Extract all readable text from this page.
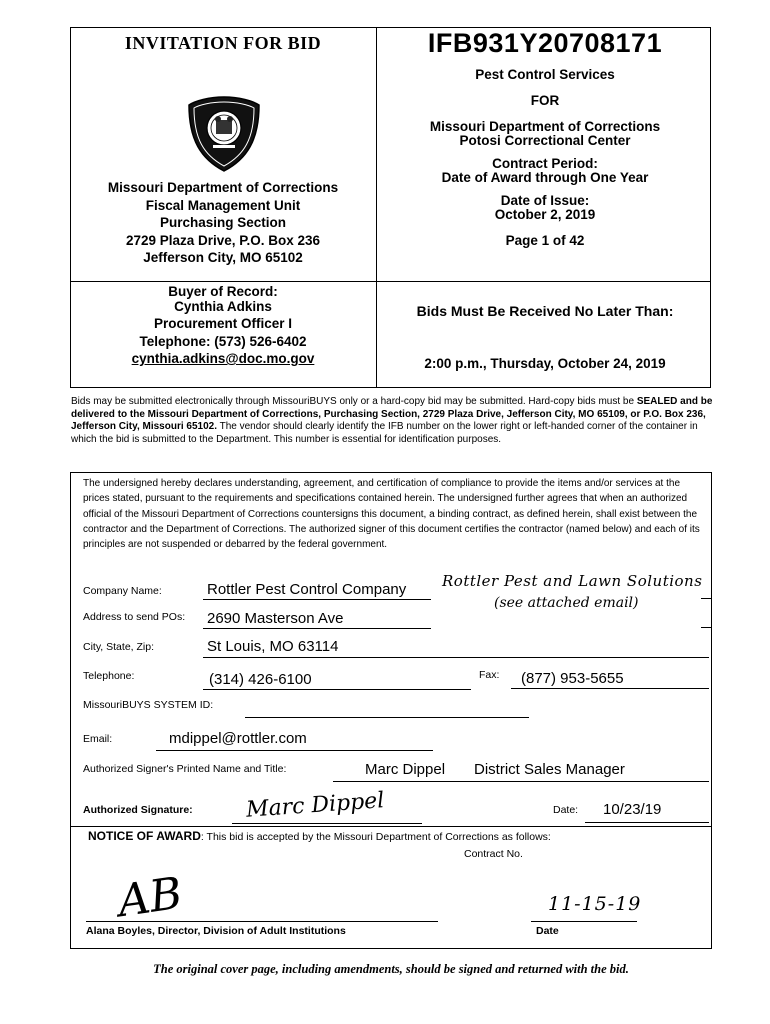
INVITATION FOR BID	IFB931Y20708171
Missouri Department of Corrections
Fiscal Management Unit
Purchasing Section
2729 Plaza Drive, P.O. Box 236
Jefferson City, MO 65102
Pest Control Services
FOR
Missouri Department of Corrections
Potosi Correctional Center
Contract Period:
Date of Award through One Year
Date of Issue:
October 2, 2019
Page 1 of 42
Buyer of Record:
Cynthia Adkins
Procurement Officer I
Telephone: (573) 526-6402
cynthia.adkins@doc.mo.gov
Bids Must Be Received No Later Than:
2:00 p.m., Thursday, October 24, 2019
Bids may be submitted electronically through MissouriBUYS only or a hard-copy bid may be submitted. Hard-copy bids must be SEALED and be delivered to the Missouri Department of Corrections, Purchasing Section, 2729 Plaza Drive, Jefferson City, MO 65109, or P.O. Box 236, Jefferson City, Missouri 65102. The vendor should clearly identify the IFB number on the lower right or left-handed corner of the container in which the bid is submitted to the Department. This number is essential for identification purposes.
The undersigned hereby declares understanding, agreement, and certification of compliance to provide the items and/or services at the prices stated, pursuant to the requirements and specifications contained herein. The undersigned further agrees that when an authorized official of the Missouri Department of Corrections countersigns this document, a binding contract, as defined herein, shall exist between the contractor and the Department of Corrections. The authorized signer of this document certifies the contractor (named below) and each of its principles are not suspended or debarred by the federal government.
Company Name:	Rottler Pest Control Company Rottler Pest and Lawn Solutions
(see attached email)
Address to send POs: 2690 Masterson Ave
City, State, Zip:	St Louis, MO 63114
Telephone:	(314) 426-6100	Fax: (877) 953-5655
MissouriBUYS SYSTEM ID:
Email:	mdippel@rottler.com
Authorized Signer's Printed Name and Title:	Marc Dippel District Sales Manager
Authorized Signature: Marc Dippel	Date: 10/23/19
NOTICE OF AWARD: This bid is accepted by the Missouri Department of Corrections as follows:
Contract No.
AB
Alana Boyles, Director, Division of Adult Institutions
11-15-19
Date
The original cover page, including amendments, should be signed and returned with the bid.
